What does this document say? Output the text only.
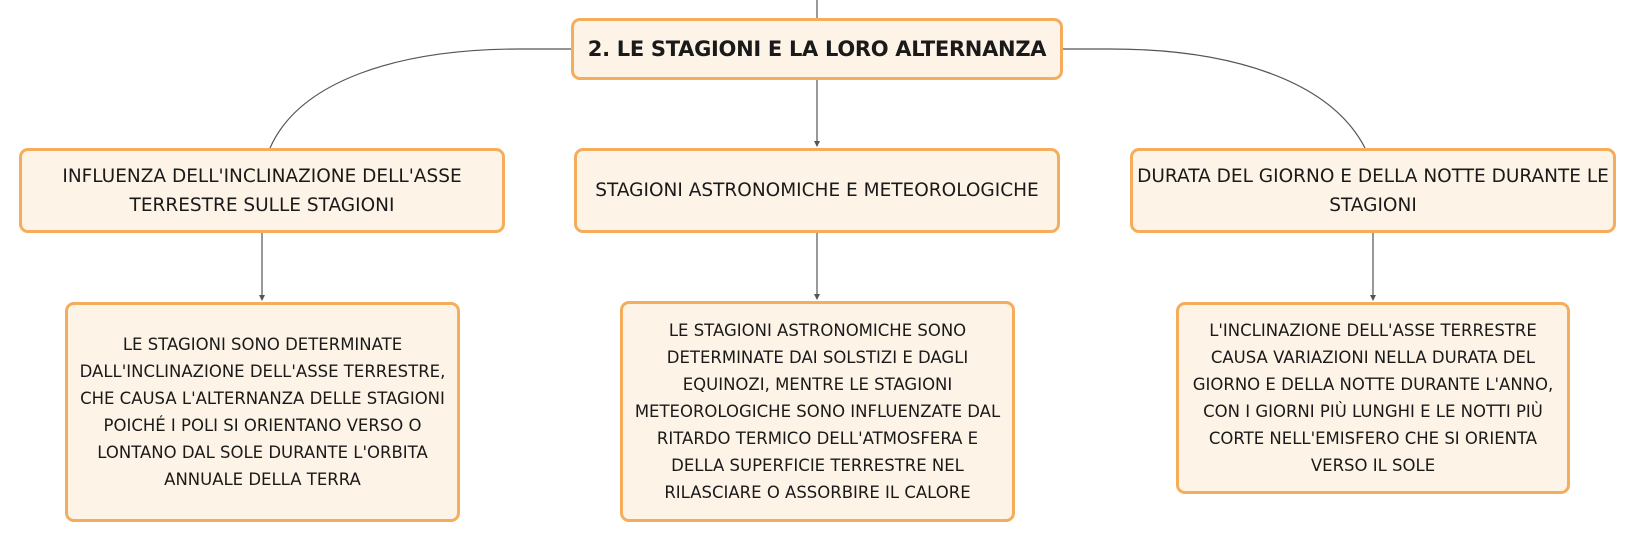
2. LE STAGIONI E LA LORO ALTERNANZA
INFLUENZA DELL'INCLINAZIONE DELL'ASSE TERRESTRE SULLE STAGIONI
STAGIONI ASTRONOMICHE E METEOROLOGICHE
DURATA DEL GIORNO E DELLA NOTTE DURANTE LE STAGIONI
LE STAGIONI SONO DETERMINATE DALL'INCLINAZIONE DELL'ASSE TERRESTRE, CHE CAUSA L'ALTERNANZA DELLE STAGIONI POICHÉ I POLI SI ORIENTANO VERSO O LONTANO DAL SOLE DURANTE L'ORBITA ANNUALE DELLA TERRA
LE STAGIONI ASTRONOMICHE SONO DETERMINATE DAI SOLSTIZI E DAGLI EQUINOZI, MENTRE LE STAGIONI METEOROLOGICHE SONO INFLUENZATE DAL RITARDO TERMICO DELL'ATMOSFERA E DELLA SUPERFICIE TERRESTRE NEL RILASCIARE O ASSORBIRE IL CALORE
L'INCLINAZIONE DELL'ASSE TERRESTRE CAUSA VARIAZIONI NELLA DURATA DEL GIORNO E DELLA NOTTE DURANTE L'ANNO, CON I GIORNI PIÙ LUNGHI E LE NOTTI PIÙ CORTE NELL'EMISFERO CHE SI ORIENTA VERSO IL SOLE
